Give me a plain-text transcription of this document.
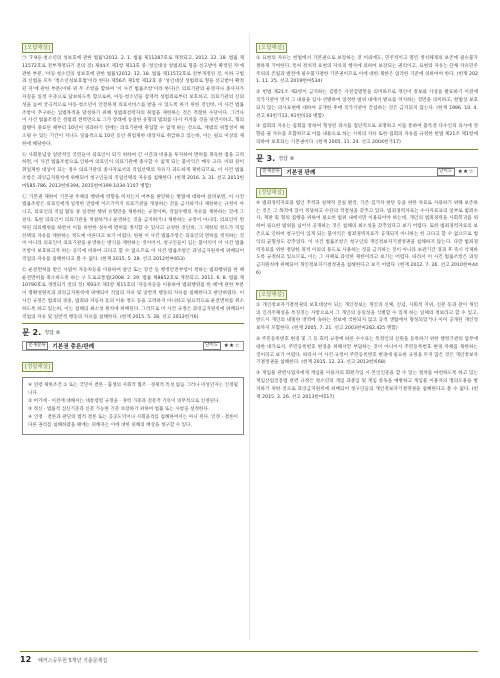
[오답해설]

㉠ '7·9등·청소년의 성보호에 관한 법률'(2012. 2. 1. 법률 제11287호로 개정되고, 2012. 12. 18. 법률 제11572호로 전부개정되기 전의 것) 제44조 제1항 제13호 중 '성인대상 성범죄로 형을 선고받아 확정된 자'에 관한 부분, '아동·청소년의 성보호에 관한 법률'(2012. 12. 18. 법률 제11572호로 전부개정된 것, 이하 구법과 신법을 모두 '청소년성보호법'이라 한다) 제56조 제1항 제12호 중 '성인대상 성범죄로 형을 선고받아 확정된 자'에 관한 부분(이하 위 두 조항을 합하여 '이 사건 법률조항'이라 한다)은 의료기관의 운영자나 종사자가 자질을 일정 수준으로 담보하도록 함으로써, 아동·청소년을 잠재적 성범죄로부터 보호하고, 의료기관의 신뢰성을 높여 궁극적으로 아동·청소년이 안전하게 의료서비스를 받을 수 있도록 하기 위한 것인바, 이 사건 법률조항이 추구하는 입법목적을 달성하기 위해 성범죄전력자의 취업을 제한하는 것은 적절한 수단이다. 그러나 이 사건 법률조항은 성범죄 전력만으로 그가 장래에 동일한 유형의 범죄를 다시 저지를 것을 당연시하고, 형의 집행이 종료된 때부터 10년이 경과하기 전에는 의료기관에 취업할 수 없게 하는 것으로, 재범의 위험성이 해소될 수 있는 기간이 지나도 일률적으로 10년 동안 취업제한 대상자로 취급하고 있는바, 이는 필요 이상의 제한에 해당한다.

ⓑ 사회통념상 일반적인 국민들이 의료인이 되기 위하여 긴 시간과 비용을 투자하여 면허를 취득한 점을 고려하면, 이 사건 법률조항으로 인하여 의료인이 의료기관에 종사할 수 없게 되는 불이익은 매우 크다. 이와 같이 취업제한 대상이 되는 경우 의료기관의 종사자로서의 직업선택의 자유가 과도하게 제한되므로, 이 사건 법률조항은 과잉금지원칙에 위배되어 청구인들의 직업선택의 자유를 침해한다. (헌재 2016. 3. 31. 선고 2013헌마585·786, 2013헌바394, 2015헌마199·1034·1107 병합)

㉡ 기본권 제한이 기본권 주체의 행위에 영향을 미치는지 여부를 판단하는 방법에 대하여 살펴보면, 이 사건 법률조항은 의료인에게 일정한 연령에 이르기까지 의료기관을 개설하는 것을 금지하거나 제한하는 규정이 아니고, 의료인의 직업 활동 중 일정한 행위 유형만을 제한하는 규정이며, 직업수행의 자유를 제한하는 것에 그친다. 또한 의료인이 의료기관을 개설하거나 운영하는 것을 금지하거나 제한하는 규정이 아니라, 의료인이 면허된 의료행위를 하면서 이를 위반한 경우에 면허를 정지할 수 있다고 규정한 것인바, 그 제한의 정도가 직업선택의 자유를 제한하는 정도에 이른다고 보기 어렵다. 한편 이 사건 법률조항은 의료인의 면허를 정지하는 것이 아니라 의료인이 의료기관을 운영하는 방식을 제한하는 것이어서, 청구인들이 입는 불이익이 이 사건 법률조항이 보호하고자 하는 공익에 비하여 크다고 할 수 없으므로 이 사건 법률조항은 과잉금지원칙에 위배되어 직업의 자유를 침해한다고 볼 수 없다. (헌재 2015. 5. 28. 선고 2012헌마653)

㉢ 운전면허를 받은 사람이 자동차등을 이용하여 살인 또는 강간 등 행정안전부령이 정하는 범죄행위를 한 때 운전면허를 취소하도록 하는 구 도로교통법(2008. 2. 29. 법률 제8852호로 개정되고, 2011. 6. 8. 법률 제10790호로 개정되기 전의 것) 제93조 제1항 제11호의 '자동차등을 이용하여 범죄행위를 한 때'에 관한 부분이 명확성원칙과 과잉금지원칙에 위배되어 직업의 자유 및 일반적 행동의 자유를 침해한다고 판단하였다. 이 사건 규정은 범죄의 경중, 범죄와 자동차 등의 이용 정도 등을 고려하지 아니하고 필요적으로 운전면허를 취소하도록 하고 있는바, 이는 침해의 최소성 원칙에 위배된다. 그러므로 이 사건 규정은 과잉금지원칙에 위배되어 직업의 자유 및 일반적 행동의 자유를 침해한다. (헌재 2015. 5. 28. 선고 2013헌가6)

문 2. 정답 ④
문제분류	기본권 총론/판례	난이도	★★☆
[정답해설]

④ 연령 제한조건 ① 또는 국민이 결론 - 출생의 사회적 협조 · 경제적 특성 없음 그러나 미성년자는 인정됩니다.

② 여기에 - 이전에 대해서는 대통령령 규정을 · 경력 가중과 전문적 기록이 의무적으로 인정된다.

③ 정신 · 법률적 심신기준과 신분 가능한 기준 보장하기 위하여 법률 또는 사항을 설정한다.

④ 인정 · 결론과 판단의 법적 결론 또는 공공도덕이나 사회윤리를 침해하여서는 아니 된다. 인정 · 결론이 다른 권리를 침해하였을 때에는 피해자는 이에 대한 피해의 배상을 청구할 수 있다.

[오답해설]

① 표현의 자유는 헌법에서 기본권으로 보장하는 것 이외에도, 민주적이고 열린 정치체제의 보존에 필수불가결하게 기여한다. 특히 정치적 표현의 자유의 행사에 의하여 보장되는 권리이고, 표현의 자유는 단체 자유민주주의의 존립과 발전에 필수불가결한 기본권이므로 이에 대한 제한은 엄격한 기준에 의하여야 한다. (헌재 2021. 11. 25. 선고 2019헌마534)

② 헌법 제21조 제2항이 금지하는 검열은 사전검열만을 의미하므로 개인이 정보와 사상을 발표하기 이전에 국가기관이 먼저 그 내용을 심사·선별하여 일정한 범위 내에서 발표를 저지하는 것만을 의미하고, 헌법상 보호되지 않는 의사표현에 대하여 공개한 후에 국가기관이 간섭하는 것은 금지되지 않는다. (헌재 1996. 10. 4. 선고 93헌가13, 91헌바10 병합)

③ 집회의 자유는 집회를 통하여 형성된 의사를 집단적으로 표명하고 이를 통하여 불특정 다수인의 의사에 영향을 줄 자유를 포함하므로 이를 내용으로 하는 시위의 자유 또한 집회의 자유를 규정한 헌법 제21조 제1항에 의하여 보호되는 기본권이다. (헌재 2005. 11. 24. 선고 2004헌가17)

문 3. 정답 ④
문제분류	기본권 판례	난이도	★★☆
[정답해설]

④ 범죄경력자료를 범인 추적과 실체적 진실 발견, 기존 검거자 판단 등을 위한 자료로 사용하기 위해 보존하는 것은 그 목적에 있어 정당하고 수단의 적절성을 갖추고 있다. 범죄경력자료는 수사자료표의 일부로 범죄수사, 재판 및 형의 집행을 위하여 필요한 범위 내에서만 이용되어야 하는데, 개인의 범죄경력을 사회복귀를 위하여 필요한 범위를 넘어서 공개하는 것은 침해의 최소성을 갖추었다고 보기 어렵다. 또한 범죄경력자료의 보존으로 인하여 청구인이 입게 되는 불이익은 범죄경력자료가 공개되지 아니하는 한 크다고 할 수 없으므로 법익의 균형성도 갖추었다. 이 사건 법률조항은 청구인의 개인정보자기결정권을 침해하지 않는다. 다만 범죄경력자료를 위한 정당한 목적 이외의 용도로 사용하는 것을 금지하는 것이 아니라 보관기간 경과 후 즉시 삭제하도록 규정하고 있으므로, 이는 그 자체로 과잉한 제한이라고 보기는 어렵다. 따라서 이 사건 법률조항은 과잉금지원칙에 위배되어 개인정보자기결정권을 침해한다고 보기 어렵다. (헌재 2012. 7. 26. 선고 2010헌마446)

[오답해설]

① 개인정보자기결정권의 보호대상이 되는 개인정보는 개인의 신체, 신념, 사회적 지위, 신분 등과 같이 개인의 인격주체성을 특징짓는 사항으로서 그 개인의 동일성을 식별할 수 있게 하는 일체의 정보라고 할 수 있고, 반드시 개인의 내밀한 영역에 속하는 정보에 국한되지 않고 공적 생활에서 형성되었거나 이미 공개된 개인정보까지 포함한다. (헌재 2005. 7. 21. 선고 2003헌마282,425 병합)

② 주민등록번호 변경 및 그 등 효력 규정에 따른 수수료는 특정인의 신원을 등록하기 위한 행정기관의 업무에 대한 대가로서, 주민등록번호 변경을 위해서만 부담하는 것이 아니어서 주민등록번호 변경 자체를 제한하는 것이라고 보기 어렵다. 따라서 이 사건 규정이 주민등록번호 변경에 필요한 규정을 두지 않은 것은 개인정보자기결정권을 침해한다. (헌재 2015. 12. 23. 선고 2013헌바68)

③ 게임물 관련사업자에게 게임물 이용자의 회원가입 시 본인인증을 할 수 있는 절차를 마련하도록 하고 있는 게임산업진흥법 관련 규정은 청소년의 게임 과몰입 및 게임 중독을 예방하고 게임물 이용자의 명의도용을 방지하기 위한 것으로 과잉금지원칙에 위배되어 청구인들의 개인정보자기결정권을 침해한다고 볼 수 없다. (헌재 2015. 3. 26. 선고 2013헌마517)

12 해커스공무원 5개년 기출문제집
